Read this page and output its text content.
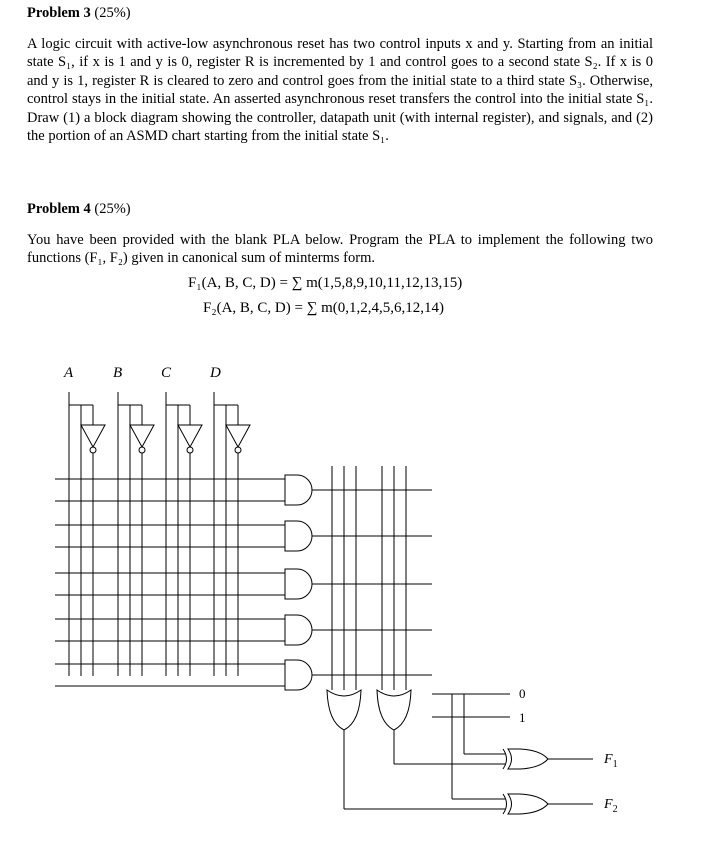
Problem 3 (25%)

A logic circuit with active-low asynchronous reset has two control inputs x and y. Starting from an initial state S₁, if x is 1 and y is 0, register R is incremented by 1 and control goes to a second state S₂. If x is 0 and y is 1, register R is cleared to zero and control goes from the initial state to a third state S₃. Otherwise, control stays in the initial state. An asserted asynchronous reset transfers the control into the initial state S₁. Draw (1) a block diagram showing the controller, datapath unit (with internal register), and signals, and (2) the portion of an ASMD chart starting from the initial state S₁.

Problem 4 (25%)

You have been provided with the blank PLA below. Program the PLA to implement the following two functions (F₁, F₂) given in canonical sum of minterms form.

F₁(A, B, C, D) = ∑ m(1,5,8,9,10,11,12,13,15)
F₂(A, B, C, D) = ∑ m(0,1,2,4,5,6,12,14)
A	B	C	D
0
1
$F_1$
$F_2$
